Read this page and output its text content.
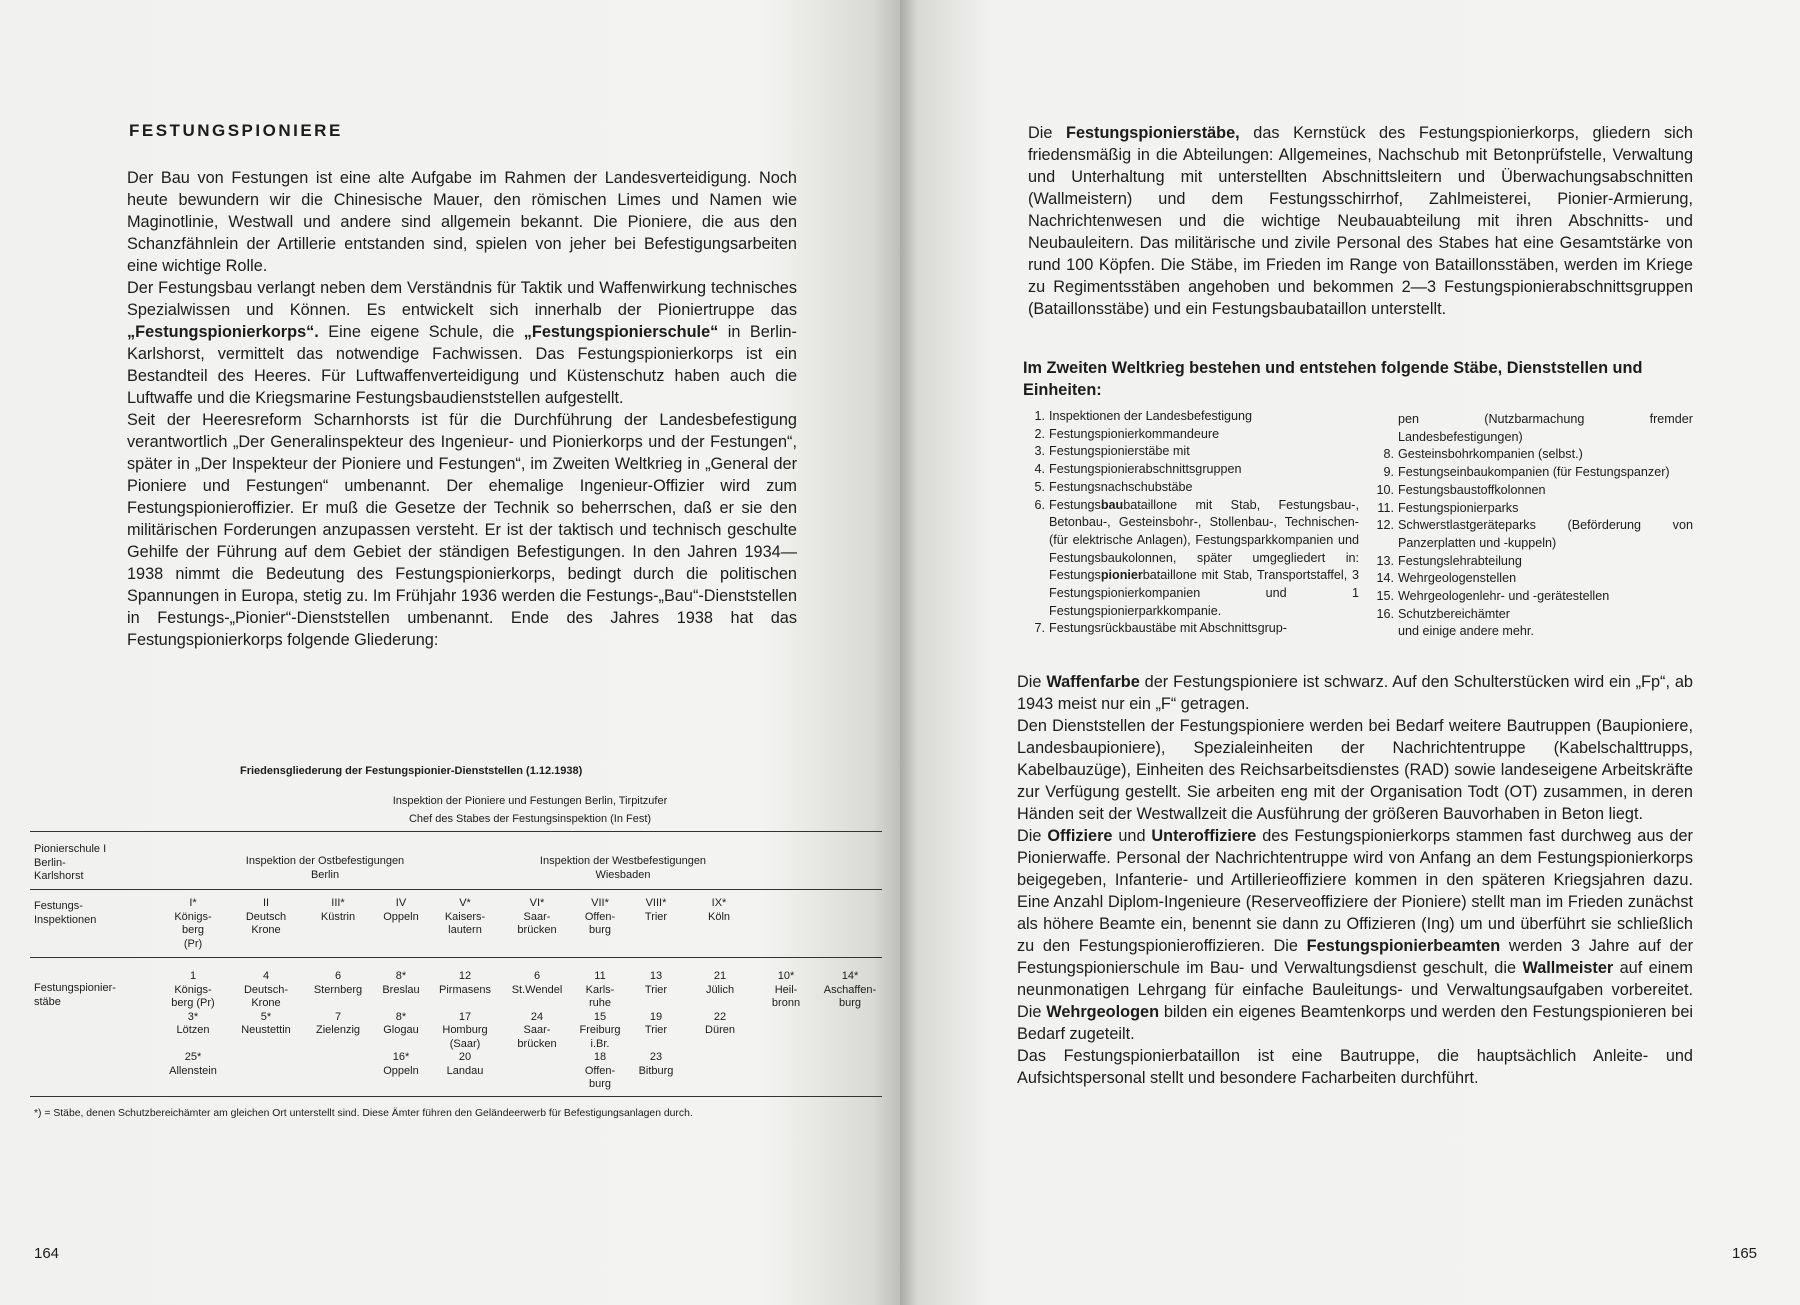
FESTUNGSPIONIERE

Der Bau von Festungen ist eine alte Aufgabe im Rahmen der Landesverteidigung. Noch heute bewundern wir die Chinesische Mauer, den römischen Limes und Namen wie Maginotlinie, Westwall und andere sind allgemein bekannt. Die Pioniere, die aus den Schanzfähnlein der Artillerie entstanden sind, spielen von jeher bei Befestigungsarbeiten eine wichtige Rolle.

Der Festungsbau verlangt neben dem Verständnis für Taktik und Waffenwirkung technisches Spezialwissen und Können. Es entwickelt sich innerhalb der Pioniertruppe das „Festungspionierkorps“. Eine eigene Schule, die „Festungspionierschule“ in Berlin-Karlshorst, vermittelt das notwendige Fachwissen. Das Festungspionierkorps ist ein Bestandteil des Heeres. Für Luftwaffenverteidigung und Küstenschutz haben auch die Luftwaffe und die Kriegsmarine Festungsbaudienststellen aufgestellt.

Seit der Heeresreform Scharnhorsts ist für die Durchführung der Landesbefestigung verantwortlich „Der Generalinspekteur des Ingenieur- und Pionierkorps und der Festungen“, später in „Der Inspekteur der Pioniere und Festungen“, im Zweiten Weltkrieg in „General der Pioniere und Festungen“ umbenannt. Der ehemalige Ingenieur-Offizier wird zum Festungspionieroffizier. Er muß die Gesetze der Technik so beherrschen, daß er sie den militärischen Forderungen anzupassen versteht. Er ist der taktisch und technisch geschulte Gehilfe der Führung auf dem Gebiet der ständigen Befestigungen. In den Jahren 1934—1938 nimmt die Bedeutung des Festungspionierkorps, bedingt durch die politischen Spannungen in Europa, stetig zu. Im Frühjahr 1936 werden die Festungs-„Bau“-Dienststellen in Festungs-„Pionier“-Dienststellen umbenannt. Ende des Jahres 1938 hat das Festungspionierkorps folgende Gliederung:

Friedensgliederung der Festungspionier-Dienststellen (1.12.1938)
Inspektion der Pioniere und Festungen Berlin, Tirpitzufer
Chef des Stabes der Festungsinspektion (In Fest)
Pionierschule I
Berlin-
Karlshorst
Inspektion der Ostbefestigungen
Berlin
Inspektion der Westbefestigungen
Wiesbaden
Festungs-
Inspektionen
I*
Königs-
berg
(Pr)
II
Deutsch
Krone
III*
Küstrin
IV
Oppeln
V*
Kaisers-
lautern
VI*
Saar-
brücken
VII*
Offen-
burg
VIII*
Trier
IX*
Köln
Festungspionier-
stäbe
1
Königs-
berg (Pr)
3*
Lötzen

25*
Allenstein
4
Deutsch-
Krone
5*
Neustettin
6
Sternberg

7
Zielenzig
8*
Breslau

8*
Glogau

16*
Oppeln
12
Pirmasens

17
Homburg
(Saar)
20
Landau
6
St.Wendel

24
Saar-
brücken
11
Karls-
ruhe
15
Freiburg
i.Br.
18
Offen-
burg
13
Trier

19
Trier

23
Bitburg
21
Jülich

22
Düren
10*
Heil-
bronn
14*
Aschaffen-
burg
*) = Stäbe, denen Schutzbereichämter am gleichen Ort unterstellt sind. Diese Ämter führen den Geländeerwerb für Befestigungsanlagen durch.
164
Die Festungspionierstäbe, das Kernstück des Festungspionierkorps, gliedern sich friedensmäßig in die Abteilungen: Allgemeines, Nachschub mit Betonprüfstelle, Verwaltung und Unterhaltung mit unterstellten Abschnittsleitern und Überwachungsabschnitten (Wallmeistern) und dem Festungsschirrhof, Zahlmeisterei, Pionier-Armierung, Nachrichtenwesen und die wichtige Neubauabteilung mit ihren Abschnitts- und Neubauleitern. Das militärische und zivile Personal des Stabes hat eine Gesamtstärke von rund 100 Köpfen. Die Stäbe, im Frieden im Range von Bataillonsstäben, werden im Kriege zu Regimentsstäben angehoben und bekommen 2—3 Festungspionierabschnittsgruppen (Bataillonsstäbe) und ein Festungsbaubataillon unterstellt.
Im Zweiten Weltkrieg bestehen und entstehen folgende Stäbe, Dienststellen und Einheiten:
1. Inspektionen der Landesbefestigung
2. Festungspionierkommandeure
3. Festungspionierstäbe mit
4. Festungspionierabschnittsgruppen
5. Festungsnachschubstäbe
6. Festungsbaubataillone mit Stab, Festungsbau-, Betonbau-, Gesteinsbohr-, Stollenbau-, Technischen- (für elektrische Anlagen), Festungsparkkompanien und Festungsbaukolonnen, später umgegliedert in: Festungspionierbataillone mit Stab, Transportstaffel, 3 Festungspionierkompanien und 1 Festungspionierparkkompanie.
7. Festungsrückbaustäbe mit Abschnittsgrup-
pen (Nutzbarmachung fremder Landesbefestigungen)
8. Gesteinsbohrkompanien (selbst.)
9. Festungseinbaukompanien (für Festungspanzer)
10. Festungsbaustoffkolonnen
11. Festungspionierparks
12. Schwerstlastgeräteparks (Beförderung von Panzerplatten und -kuppeln)
13. Festungslehrabteilung
14. Wehrgeologenstellen
15. Wehrgeologenlehr- und -gerätestellen
16. Schutzbereichämter
und einige andere mehr.

Die Waffenfarbe der Festungspioniere ist schwarz. Auf den Schulterstücken wird ein „Fp“, ab 1943 meist nur ein „F“ getragen.

Den Dienststellen der Festungspioniere werden bei Bedarf weitere Bautruppen (Baupioniere, Landesbaupioniere), Spezialeinheiten der Nachrichtentruppe (Kabelschalttrupps, Kabelbauzüge), Einheiten des Reichsarbeitsdienstes (RAD) sowie landeseigene Arbeitskräfte zur Verfügung gestellt. Sie arbeiten eng mit der Organisation Todt (OT) zusammen, in deren Händen seit der Westwallzeit die Ausführung der größeren Bauvorhaben in Beton liegt.

Die Offiziere und Unteroffiziere des Festungspionierkorps stammen fast durchweg aus der Pionierwaffe. Personal der Nachrichtentruppe wird von Anfang an dem Festungspionierkorps beigegeben, Infanterie- und Artillerieoffiziere kommen in den späteren Kriegsjahren dazu. Eine Anzahl Diplom-Ingenieure (Reserveoffiziere der Pioniere) stellt man im Frieden zunächst als höhere Beamte ein, benennt sie dann zu Offizieren (Ing) um und überführt sie schließlich zu den Festungspionieroffizieren. Die Festungspionierbeamten werden 3 Jahre auf der Festungspionierschule im Bau- und Verwaltungsdienst geschult, die Wallmeister auf einem neunmonatigen Lehrgang für einfache Bauleitungs- und Verwaltungsaufgaben vorbereitet. Die Wehrgeologen bilden ein eigenes Beamtenkorps und werden den Festungspionieren bei Bedarf zugeteilt.

Das Festungspionierbataillon ist eine Bautruppe, die hauptsächlich Anleite- und Aufsichtspersonal stellt und besondere Facharbeiten durchführt.

165
